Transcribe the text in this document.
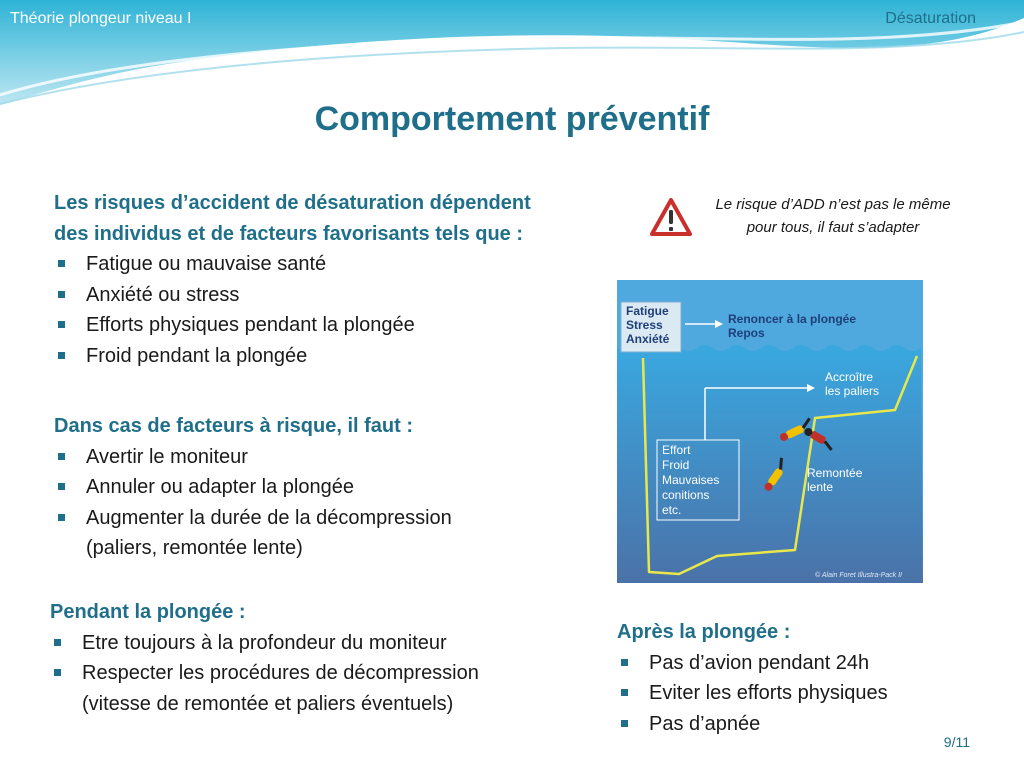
Théorie plongeur niveau I	Désaturation
Comportement préventif
Les risques d’accident de désaturation dépendent
des individus et de facteurs favorisants tels que :
Fatigue ou mauvaise santé
Anxiété ou stress
Efforts physiques pendant la plongée
Froid pendant la plongée
Dans cas de facteurs à risque, il faut :
Avertir le moniteur
Annuler ou adapter la plongée
Augmenter la durée de la décompression
(paliers, remontée lente)
Pendant la plongée :
Etre toujours à la profondeur du moniteur
Respecter les procédures de décompression
(vitesse de remontée et paliers éventuels)
Après la plongée :
Pas d’avion pendant 24h
Eviter les efforts physiques
Pas d’apnée
Le risque d’ADD n’est pas le même
pour tous, il faut s’adapter
Fatigue
Stress
Anxiété
Renoncer à la plongée
Repos
Effort
Froid
Mauvaises
conitions
etc.
Accroître
les paliers
Remontée
lente
© Alain Foret Illustra-Pack II
9/11
